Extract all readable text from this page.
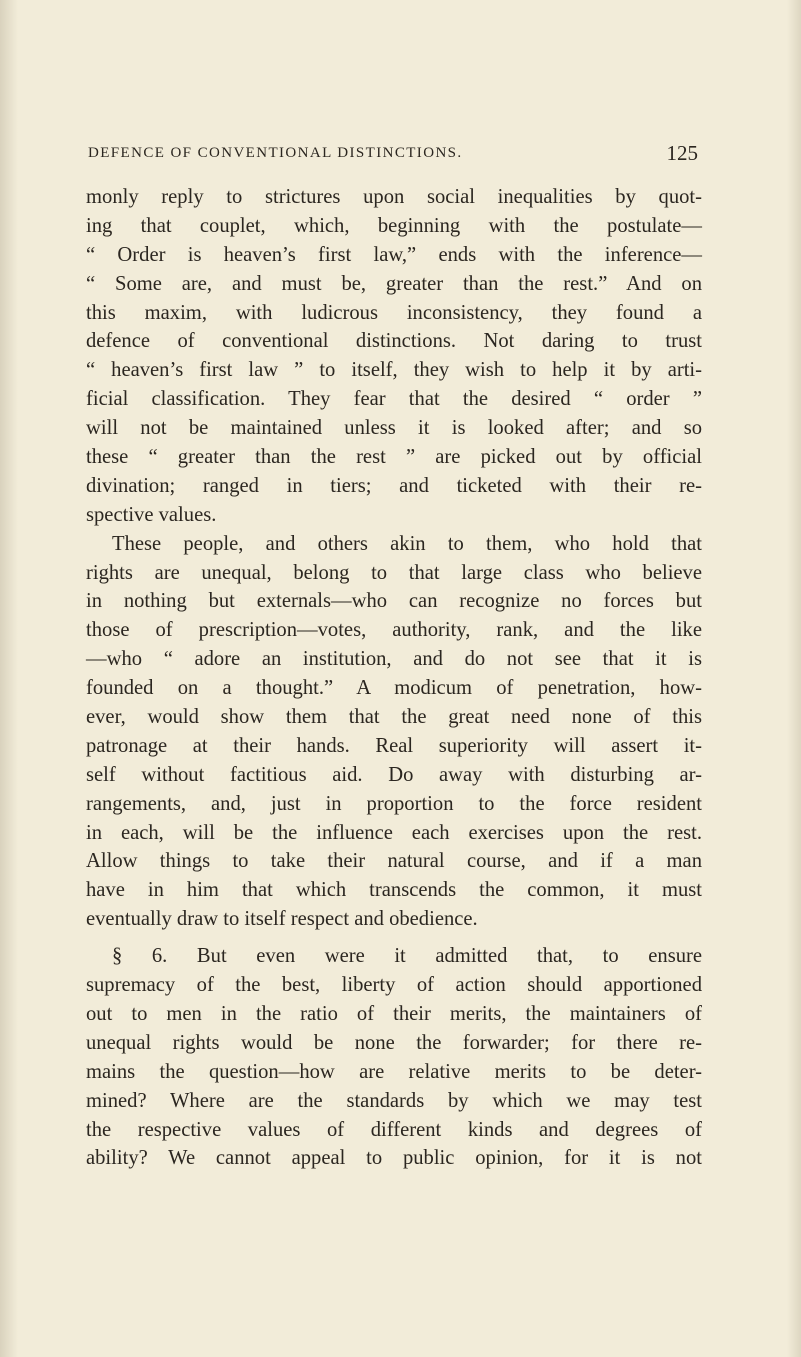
DEFENCE OF CONVENTIONAL DISTINCTIONS.	125

monly reply to strictures upon social inequalities by quot-
ing that couplet, which, beginning with the postulate—
“ Order is heaven’s first law,” ends with the inference—
“ Some are, and must be, greater than the rest.” And on
this maxim, with ludicrous inconsistency, they found a
defence of conventional distinctions. Not daring to trust
“ heaven’s first law ” to itself, they wish to help it by arti-
ficial classification. They fear that the desired “ order ”
will not be maintained unless it is looked after; and so
these “ greater than the rest ” are picked out by official
divination; ranged in tiers; and ticketed with their re-
spective values.

These people, and others akin to them, who hold that
rights are unequal, belong to that large class who believe
in nothing but externals—who can recognize no forces but
those of prescription—votes, authority, rank, and the like
—who “ adore an institution, and do not see that it is
founded on a thought.” A modicum of penetration, how-
ever, would show them that the great need none of this
patronage at their hands. Real superiority will assert it-
self without factitious aid. Do away with disturbing ar-
rangements, and, just in proportion to the force resident
in each, will be the influence each exercises upon the rest.
Allow things to take their natural course, and if a man
have in him that which transcends the common, it must
eventually draw to itself respect and obedience.

§ 6. But even were it admitted that, to ensure
supremacy of the best, liberty of action should apportioned
out to men in the ratio of their merits, the maintainers of
unequal rights would be none the forwarder; for there re-
mains the question—how are relative merits to be deter-
mined? Where are the standards by which we may test
the respective values of different kinds and degrees of
ability? We cannot appeal to public opinion, for it is not
